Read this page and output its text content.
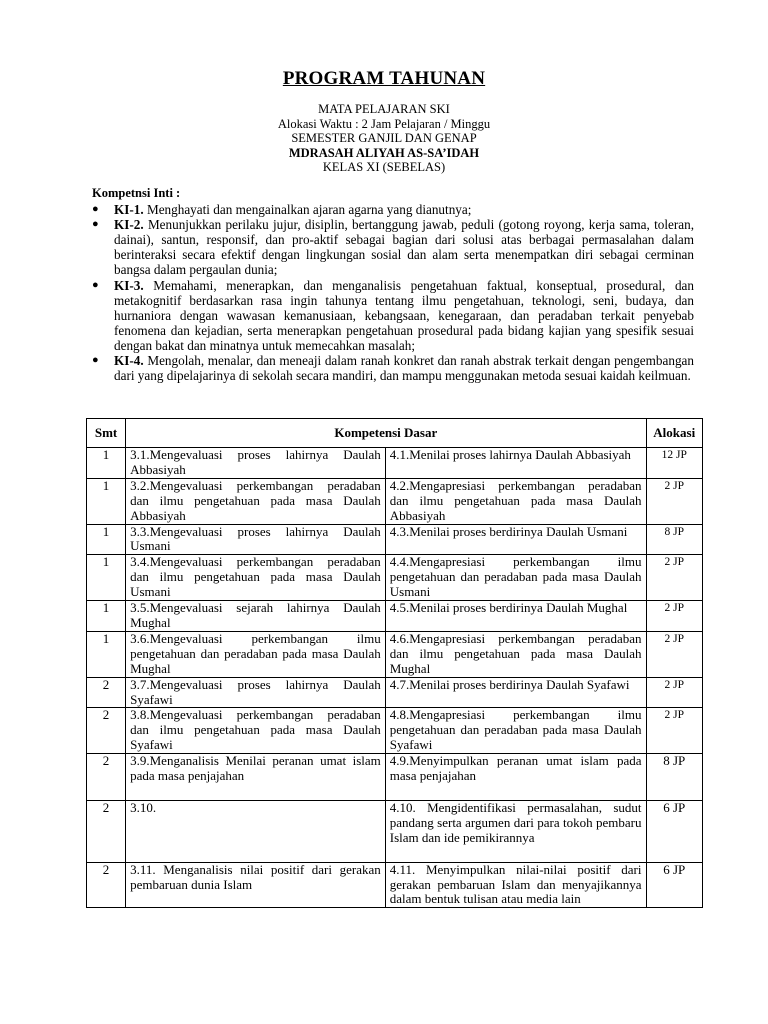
PROGRAM TAHUNAN
MATA PELAJARAN SKI
Alokasi Waktu : 2 Jam Pelajaran / Minggu
SEMESTER GANJIL DAN GENAP
MDRASAH ALIYAH AS-SA’IDAH
KELAS XI (SEBELAS)
Kompetnsi Inti :
● KI-1. Menghayati dan mengainalkan ajaran agarna yang dianutnya;
● KI-2. Menunjukkan perilaku jujur, disiplin, bertanggung jawab, peduli (gotong royong, kerja sama, toleran, dainai), santun, responsif, dan pro-aktif sebagai bagian dari solusi atas berbagai permasalahan dalam berinteraksi secara efektif dengan lingkungan sosial dan alam serta menempatkan diri sebagai cerminan bangsa dalam pergaulan dunia;
● KI-3. Memahami, menerapkan, dan menganalisis pengetahuan faktual, konseptual, prosedural, dan metakognitif berdasarkan rasa ingin tahunya tentang ilmu pengetahuan, teknologi, seni, budaya, dan hurnaniora dengan wawasan kemanusiaan, kebangsaan, kenegaraan, dan peradaban terkait penyebab fenomena dan kejadian, serta menerapkan pengetahuan prosedural pada bidang kajian yang spesifik sesuai dengan bakat dan minatnya untuk memecahkan masalah;
● KI-4. Mengolah, menalar, dan meneaji dalam ranah konkret dan ranah abstrak terkait dengan pengembangan dari yang dipelajarinya di sekolah secara mandiri, dan mampu menggunakan metoda sesuai kaidah keilmuan.
Smt	Kompetensi Dasar		Alokasi
1	3.1.Mengevaluasi proses lahirnya Daulah Abbasiyah	4.1.Menilai proses lahirnya Daulah Abbasiyah	12 JP
1	3.2.Mengevaluasi perkembangan peradaban dan ilmu pengetahuan pada masa Daulah Abbasiyah	4.2.Mengapresiasi perkembangan peradaban dan ilmu pengetahuan pada masa Daulah Abbasiyah	2 JP
1	3.3.Mengevaluasi proses lahirnya Daulah Usmani	4.3.Menilai proses berdirinya Daulah Usmani	8 JP
1	3.4.Mengevaluasi perkembangan peradaban dan ilmu pengetahuan pada masa Daulah Usmani	4.4.Mengapresiasi perkembangan ilmu pengetahuan dan peradaban pada masa Daulah Usmani	2 JP
1	3.5.Mengevaluasi sejarah lahirnya Daulah Mughal	4.5.Menilai proses berdirinya Daulah Mughal	2 JP
1	3.6.Mengevaluasi perkembangan ilmu pengetahuan dan peradaban pada masa Daulah Mughal	4.6.Mengapresiasi perkembangan peradaban dan ilmu pengetahuan pada masa Daulah Mughal	2 JP
2	3.7.Mengevaluasi proses lahirnya Daulah Syafawi	4.7.Menilai proses berdirinya Daulah Syafawi	2 JP
2	3.8.Mengevaluasi perkembangan peradaban dan ilmu pengetahuan pada masa Daulah Syafawi	4.8.Mengapresiasi perkembangan ilmu pengetahuan dan peradaban pada masa Daulah Syafawi	2 JP
2	3.9.Menganalisis Menilai peranan umat islam pada masa penjajahan	4.9.Menyimpulkan peranan umat islam pada masa penjajahan	8 JP
2	3.10.	4.10. Mengidentifikasi permasalahan, sudut pandang serta argumen dari para tokoh pembaru Islam dan ide pemikirannya	6 JP
2	3.11. Menganalisis nilai positif dari gerakan pembaruan dunia Islam	4.11. Menyimpulkan nilai-nilai positif dari gerakan pembaruan Islam dan menyajikannya dalam bentuk tulisan atau media lain	6 JP
